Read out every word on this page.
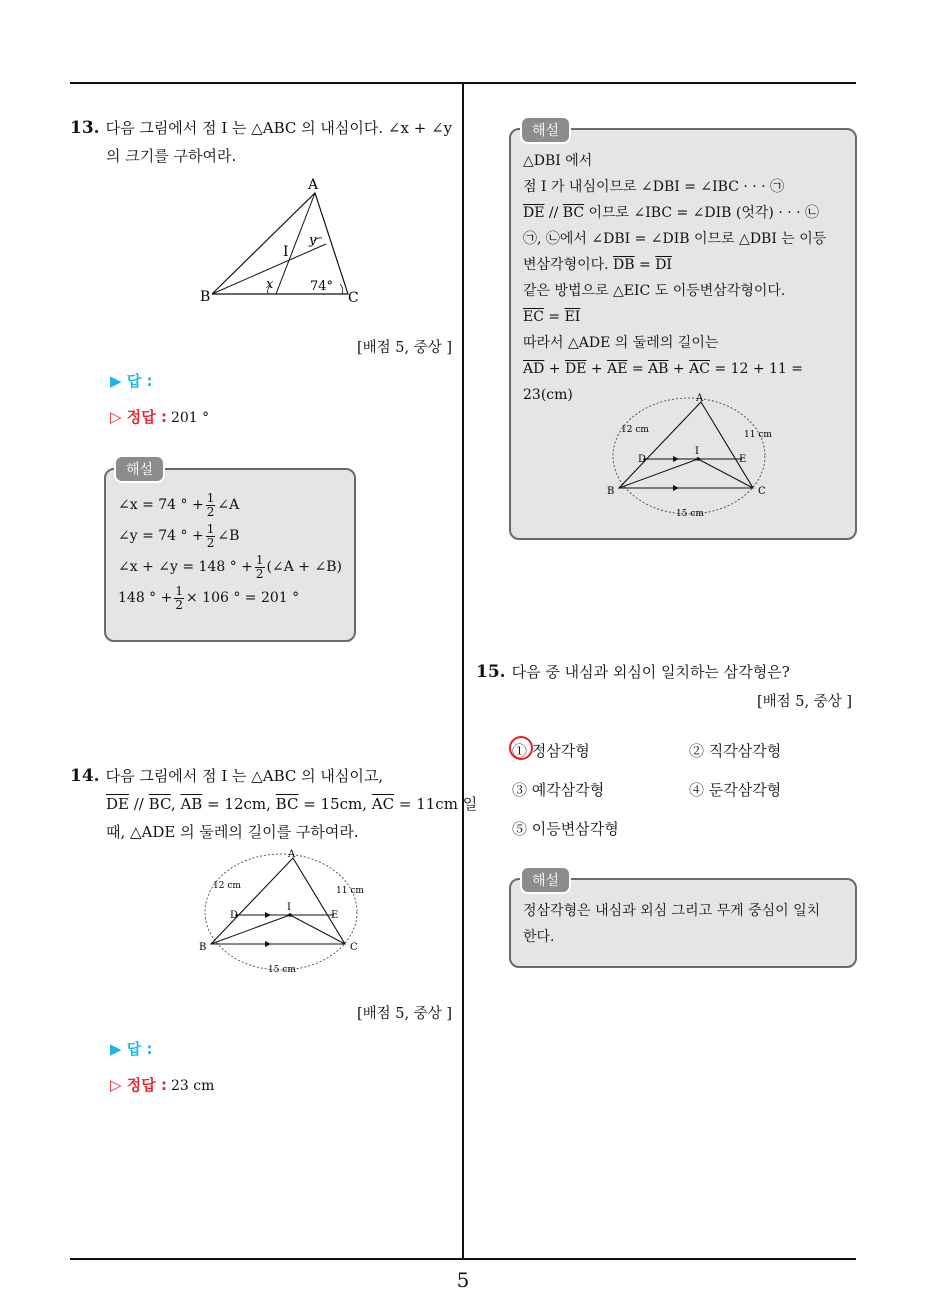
5
13. 다음 그림에서 점 I 는 △ABC 의 내심이다. ∠x + ∠y
의 크기를 구하여라.
A
B	C
I
x
y
74°
[배점 5, 중상 ]
▶ 답 :
▷ 정답 : 201 °
∠x = 74 ° + $\frac{1}{2}$ ∠A
∠y = 74 ° + $\frac{1}{2}$ ∠B
∠x + ∠y = 148 ° + $\frac{1}{2}$ (∠A + ∠B)
148 ° + $\frac{1}{2} \times 106$ ° = 201 °
해설
14. 다음 그림에서 점 I 는 △ABC 의 내심이고,
$\overline{DE} // \overline{BC}$, $\overline{AB} = 12cm$, $\overline{BC} = 15cm$, $\overline{AC} = 11cm$ 일
때, △ADE 의 둘레의 길이를 구하여라.
A
B	C
D	E
I
12 cm	11 cm
15 cm
[배점 5, 중상 ]
▶ 답 :
▷ 정답 : 23 cm
△DBI 에서
점 I 가 내심이므로 ∠DBI = ∠IBC · · · ㉠
$\overline{DE} // \overline{BC}$ 이므로 ∠IBC = ∠DIB (엇각) · · · ㉡
㉠, ㉡에서 ∠DBI = ∠DIB 이므로 △DBI 는 이등
변삼각형이다. $\overline{DB} = \overline{DI}$
같은 방법으로 △EIC 도 이등변삼각형이다.
$\overline{EC} = \overline{EI}$
따라서 △ADE 의 둘레의 길이는
$\overline{AD} + \overline{DE} + \overline{AE} = \overline{AB} + \overline{AC} = 12 + 11 = 23(cm)$	A
B	C
D	E
I
12 cm	11 cm
15 cm
해설
15. 다음 중 내심과 외심이 일치하는 삼각형은?
[배점 5, 중상 ]
① 정삼각형	② 직각삼각형
③ 예각삼각형	④ 둔각삼각형
⑤ 이등변삼각형
정삼각형은 내심과 외심 그리고 무게 중심이 일치
한다.
해설
